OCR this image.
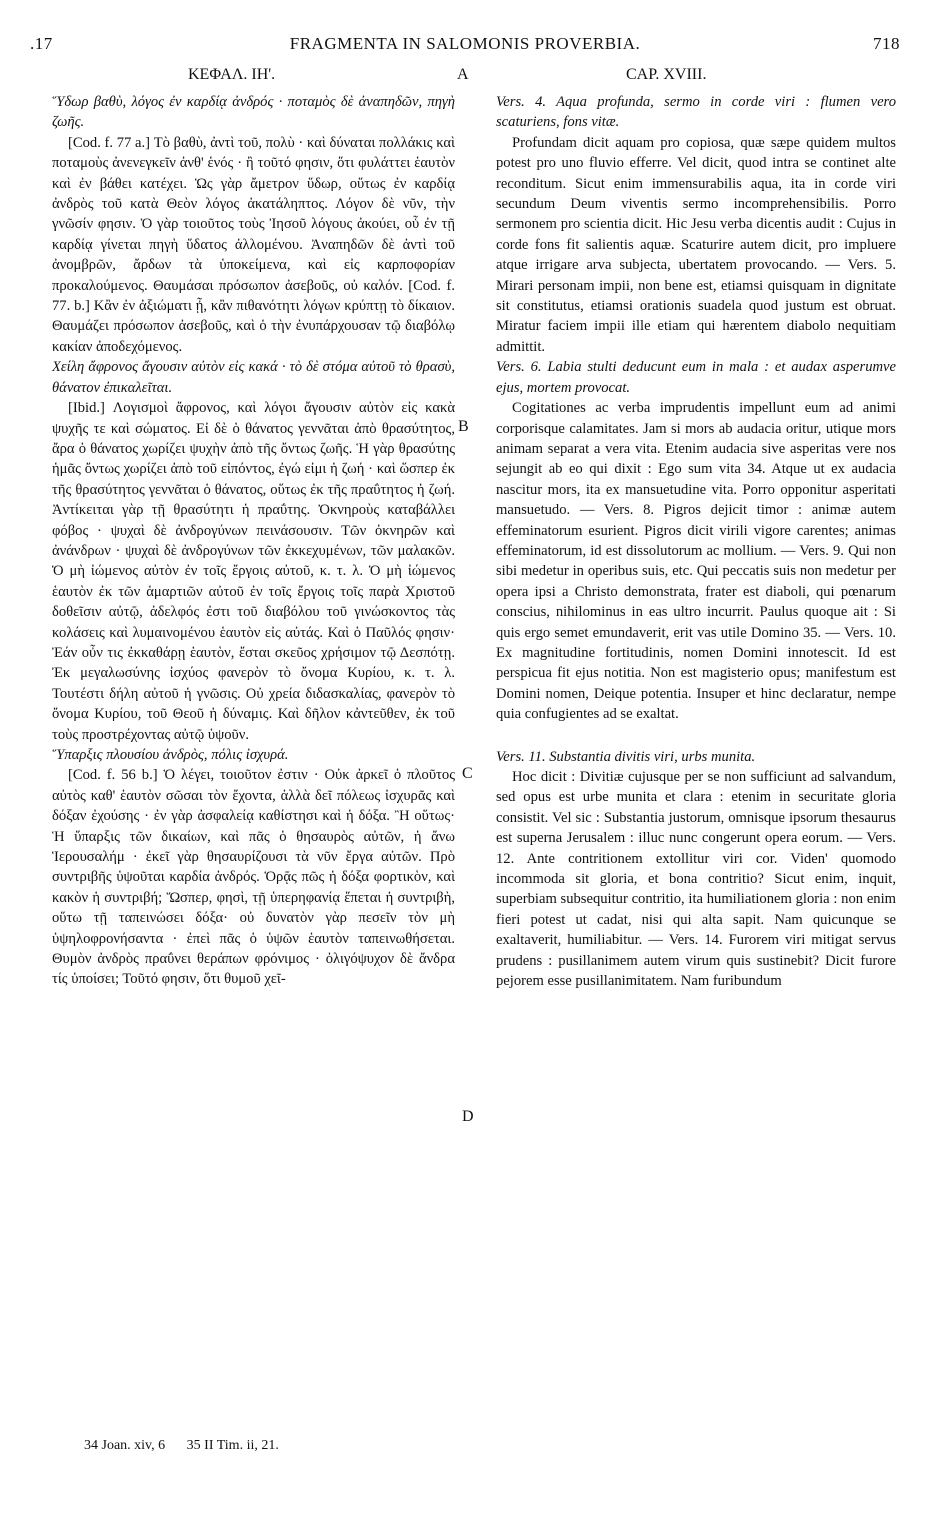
.17	FRAGMENTA IN SALOMONIS PROVERBIA.	718
ΚΕΦΑΛ. ΙΗ'.	A	CAP. XVIII.

Ὕδωρ βαθὺ, λόγος ἐν καρδίᾳ ἀνδρός · ποταμὸς δὲ ἀναπηδῶν, πηγὴ ζωῆς.

[Cod. f. 77 a.] Τὸ βαθὺ, ἀντὶ τοῦ, πολὺ · καὶ δύναται πολλάκις καὶ ποταμοὺς ἀνενεγκεῖν ἀνθ' ἑνός · ἢ τοῦτό φησιν, ὅτι φυλάττει ἑαυτὸν καὶ ἐν βάθει κατέχει. Ὡς γὰρ ἄμετρον ὕδωρ, οὕτως ἐν καρδίᾳ ἀνδρὸς τοῦ κατὰ Θεὸν λόγος ἀκατάληπτος. Λόγον δὲ νῦν, τὴν γνῶσίν φησιν. Ὁ γὰρ τοιοῦτος τοὺς Ἰησοῦ λόγους ἀκούει, οὗ ἐν τῇ καρδίᾳ γίνεται πηγὴ ὕδατος ἀλλομένου. Ἀναπηδῶν δὲ ἀντὶ τοῦ ἀνομβρῶν, ἄρδων τὰ ὑποκείμενα, καὶ εἰς καρποφορίαν προκαλούμενος. Θαυμάσαι πρόσωπον ἀσεβοῦς, οὐ καλόν. [Cod. f. 77. b.] Κἂν ἐν ἀξιώματι ᾖ, κἂν πιθανότητι λόγων κρύπτῃ τὸ δίκαιον. Θαυμάζει πρόσωπον ἀσεβοῦς, καὶ ὁ τὴν ἐνυπάρχουσαν τῷ διαβόλῳ κακίαν ἀποδεχόμενος.

Χείλη ἄφρονος ἄγουσιν αὐτὸν εἰς κακά · τὸ δὲ στόμα αὐτοῦ τὸ θρασὺ, θάνατον ἐπικαλεῖται.

[Ibid.] Λογισμοὶ ἄφρονος, καὶ λόγοι ἄγουσιν αὐτὸν εἰς κακὰ ψυχῆς τε καὶ σώματος. Εἰ δὲ ὁ θάνατος γεννᾶται ἀπὸ θρασύτητος, ἄρα ὁ θάνατος χωρίζει ψυχὴν ἀπὸ τῆς ὄντως ζωῆς. Ἡ γὰρ θρασύτης ἡμᾶς ὄντως χωρίζει ἀπὸ τοῦ εἰπόντος, ἐγώ εἰμι ἡ ζωή · καὶ ὥσπερ ἐκ τῆς θρασύτητος γεννᾶται ὁ θάνατος, οὕτως ἐκ τῆς πραΰτητος ἡ ζωή. Ἀντίκειται γὰρ τῇ θρασύτητι ἡ πραΰτης. Ὀκνηροὺς καταβάλλει φόβος · ψυχαὶ δὲ ἀνδρογύνων πεινάσουσιν. Τῶν ὀκνηρῶν καὶ ἀνάνδρων · ψυχαὶ δὲ ἀνδρογύνων τῶν ἐκκεχυμένων, τῶν μαλακῶν. Ὁ μὴ ἰώμενος αὐτὸν ἐν τοῖς ἔργοις αὐτοῦ, κ. τ. λ. Ὁ μὴ ἰώμενος ἑαυτὸν ἐκ τῶν ἁμαρτιῶν αὐτοῦ ἐν τοῖς ἔργοις τοῖς παρὰ Χριστοῦ δοθεῖσιν αὐτῷ, ἀδελφός ἐστι τοῦ διαβόλου τοῦ γινώσκοντος τὰς κολάσεις καὶ λυμαινομένου ἑαυτὸν εἰς αὐτάς. Καὶ ὁ Παῦλός φησιν· Ἐάν οὖν τις ἐκκαθάρῃ ἑαυτὸν, ἔσται σκεῦος χρήσιμον τῷ Δεσπότῃ. Ἐκ μεγαλωσύνης ἰσχύος φανερὸν τὸ ὄνομα Κυρίου, κ. τ. λ. Τουτέστι δήλη αὐτοῦ ἡ γνῶσις. Οὐ χρεία διδασκαλίας, φανερὸν τὸ ὄνομα Κυρίου, τοῦ Θεοῦ ἡ δύναμις. Καὶ δῆλον κἀντεῦθεν, ἐκ τοῦ τοὺς προστρέχοντας αὐτῷ ὑψοῦν.

Ὕπαρξις πλουσίου ἀνδρὸς, πόλις ἰσχυρά.

[Cod. f. 56 b.] Ὁ λέγει, τοιοῦτον ἐστιν · Οὐκ ἀρκεῖ ὁ πλοῦτος αὐτὸς καθ' ἑαυτὸν σῶσαι τὸν ἔχοντα, ἀλλὰ δεῖ πόλεως ἰσχυρᾶς καὶ δόξαν ἐχούσης · ἐν γὰρ ἀσφαλείᾳ καθίστησι καὶ ἡ δόξα. Ἢ οὕτως· Ἡ ὕπαρξις τῶν δικαίων, καὶ πᾶς ὁ θησαυρὸς αὐτῶν, ἡ ἄνω Ἱερουσαλήμ · ἐκεῖ γὰρ θησαυρίζουσι τὰ νῦν ἔργα αὐτῶν. Πρὸ συντριβῆς ὑψοῦται καρδία ἀνδρός. Ὁρᾷς πῶς ἡ δόξα φορτικὸν, καὶ κακὸν ἡ συντριβή; Ὥσπερ, φησὶ, τῇ ὑπερηφανίᾳ ἕπεται ἡ συντριβὴ, οὕτω τῇ ταπεινώσει δόξα· οὐ δυνατὸν γὰρ πεσεῖν τὸν μὴ ὑψηλοφρονήσαντα · ἐπεὶ πᾶς ὁ ὑψῶν ἑαυτὸν ταπεινωθήσεται. Θυμὸν ἀνδρὸς πραΰνει θεράπων φρόνιμος · ὀλιγόψυχον δὲ ἄνδρα τίς ὑποίσει; Τοῦτό φησιν, ὅτι θυμοῦ χεῖ-

Vers. 4. Aqua profunda, sermo in corde viri : flumen vero scaturiens, fons vitæ.

Profundam dicit aquam pro copiosa, quæ sæpe quidem multos potest pro uno fluvio efferre. Vel dicit, quod intra se continet alte reconditum. Sicut enim immensurabilis aqua, ita in corde viri secundum Deum viventis sermo incomprehensibilis. Porro sermonem pro scientia dicit. Hic Jesu verba dicentis audit : Cujus in corde fons fit salientis aquæ. Scaturire autem dicit, pro impluere atque irrigare arva subjecta, ubertatem provocando. — Vers. 5. Mirari personam impii, non bene est, etiamsi quisquam in dignitate sit constitutus, etiamsi orationis suadela quod justum est obruat. Miratur faciem impii ille etiam qui hærentem diabolo nequitiam admittit.

Vers. 6. Labia stulti deducunt eum in mala : et audax asperumve ejus, mortem provocat.

Cogitationes ac verba imprudentis impellunt eum ad animi corporisque calamitates. Jam si mors ab audacia oritur, utique mors animam separat a vera vita. Etenim audacia sive asperitas vere nos sejungit ab eo qui dixit : Ego sum vita 34. Atque ut ex audacia nascitur mors, ita ex mansuetudine vita. Porro opponitur asperitati mansuetudo. — Vers. 8. Pigros dejicit timor : animæ autem effeminatorum esurient. Pigros dicit virili vigore carentes; animas effeminatorum, id est dissolutorum ac mollium. — Vers. 9. Qui non sibi medetur in operibus suis, etc. Qui peccatis suis non medetur per opera ipsi a Christo demonstrata, frater est diaboli, qui pœnarum conscius, nihilominus in eas ultro incurrit. Paulus quoque ait : Si quis ergo semet emundaverit, erit vas utile Domino 35. — Vers. 10. Ex magnitudine fortitudinis, nomen Domini innotescit. Id est perspicua fit ejus notitia. Non est magisterio opus; manifestum est Domini nomen, Deique potentia. Insuper et hinc declaratur, nempe quia confugientes ad se exaltat.

Vers. 11. Substantia divitis viri, urbs munita.

Hoc dicit : Divitiæ cujusque per se non sufficiunt ad salvandum, sed opus est urbe munita et clara : etenim in securitate gloria consistit. Vel sic : Substantia justorum, omnisque ipsorum thesaurus est superna Jerusalem : illuc nunc congerunt opera eorum. — Vers. 12. Ante contritionem extollitur viri cor. Viden' quomodo incommoda sit gloria, et bona contritio? Sicut enim, inquit, superbiam subsequitur contritio, ita humiliationem gloria : non enim fieri potest ut cadat, nisi qui alta sapit. Nam quicunque se exaltaverit, humiliabitur. — Vers. 14. Furorem viri mitigat servus prudens : pusillanimem autem virum quis sustinebit? Dicit furore pejorem esse pusillanimitatem. Nam furibundum

B
C
D
34 Joan. xiv, 6 35 II Tim. ii, 21.
